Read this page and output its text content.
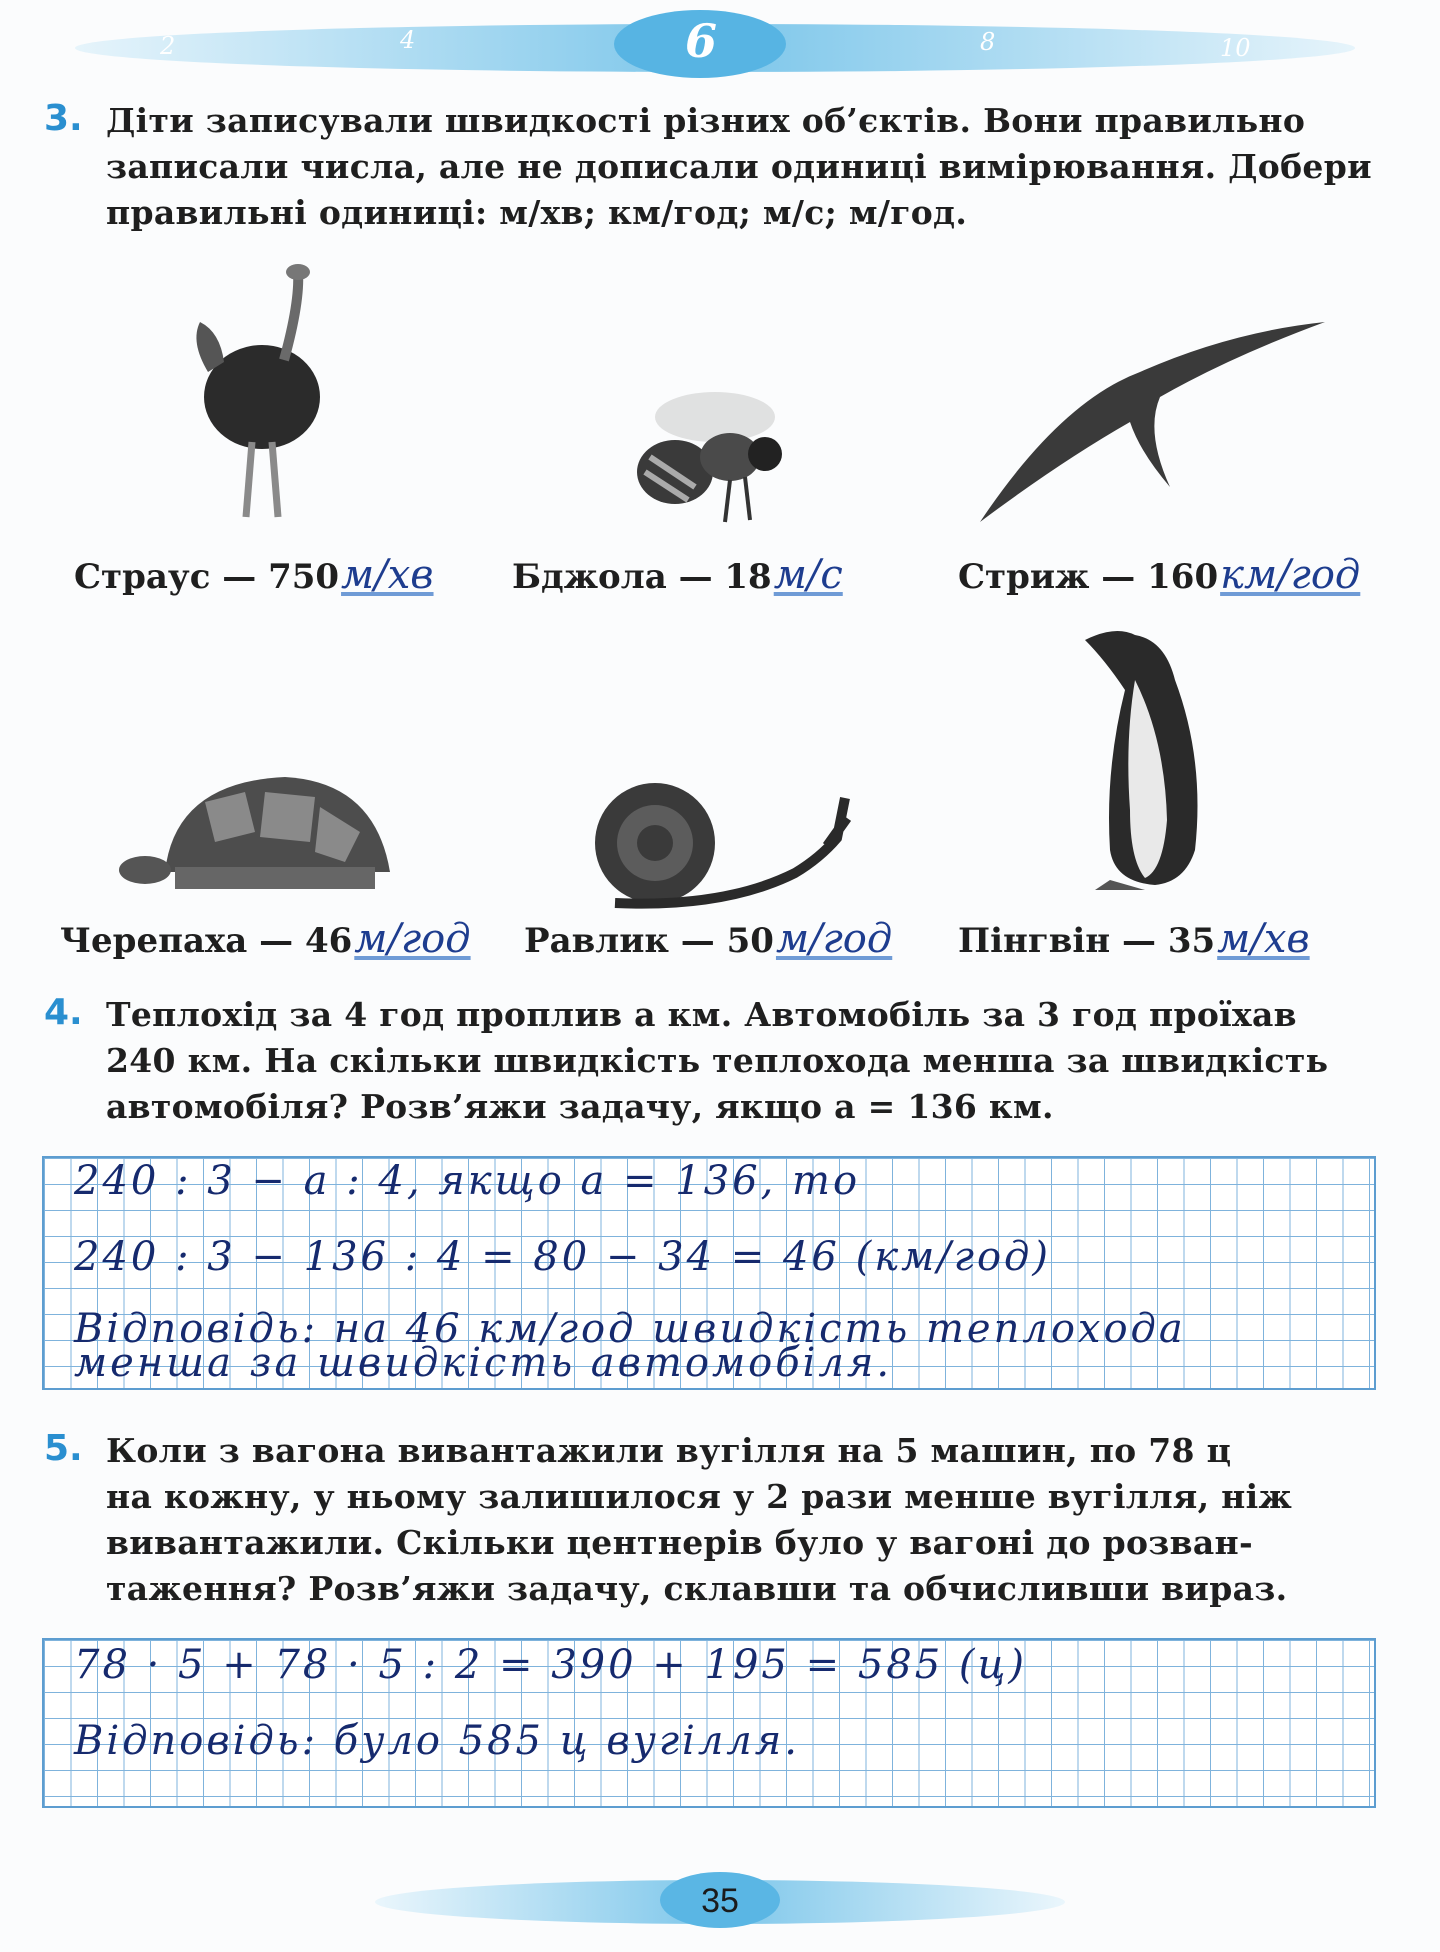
2	4	6	8	10
3. Діти записували швидкості різних об’єктів. Вони правильно
записали числа, але не дописали одиниці вимірювання. Добери
правильні одиниці: м/хв; км/год; м/с; м/год.
Страус — 750м/хв Бджола — 18м/с	Стриж — 160км/год
Черепаха — 46м/год Равлик — 50м/год Пінгвін — 35м/хв
4. Теплохід за 4 год проплив a км. Автомобіль за 3 год проїхав
240 км. На скільки швидкість теплохода менша за швидкість
автомобіля? Розв’яжи задачу, якщо a = 136 км.
240 : 3 − a : 4, якщо a = 136, то
240 : 3 − 136 : 4 = 80 − 34 = 46 (км/год)
Відповідь: на 46 км/год швидкість теплохода
менша за швидкість автомобіля.
5. Коли з вагона вивантажили вугілля на 5 машин, по 78 ц
на кожну, у ньому залишилося у 2 рази менше вугілля, ніж
вивантажили. Скільки центнерів було у вагоні до розван-
таження? Розв’яжи задачу, склавши та обчисливши вираз.
78 · 5 + 78 · 5 : 2 = 390 + 195 = 585 (ц)
Відповідь: було 585 ц вугілля.
35
